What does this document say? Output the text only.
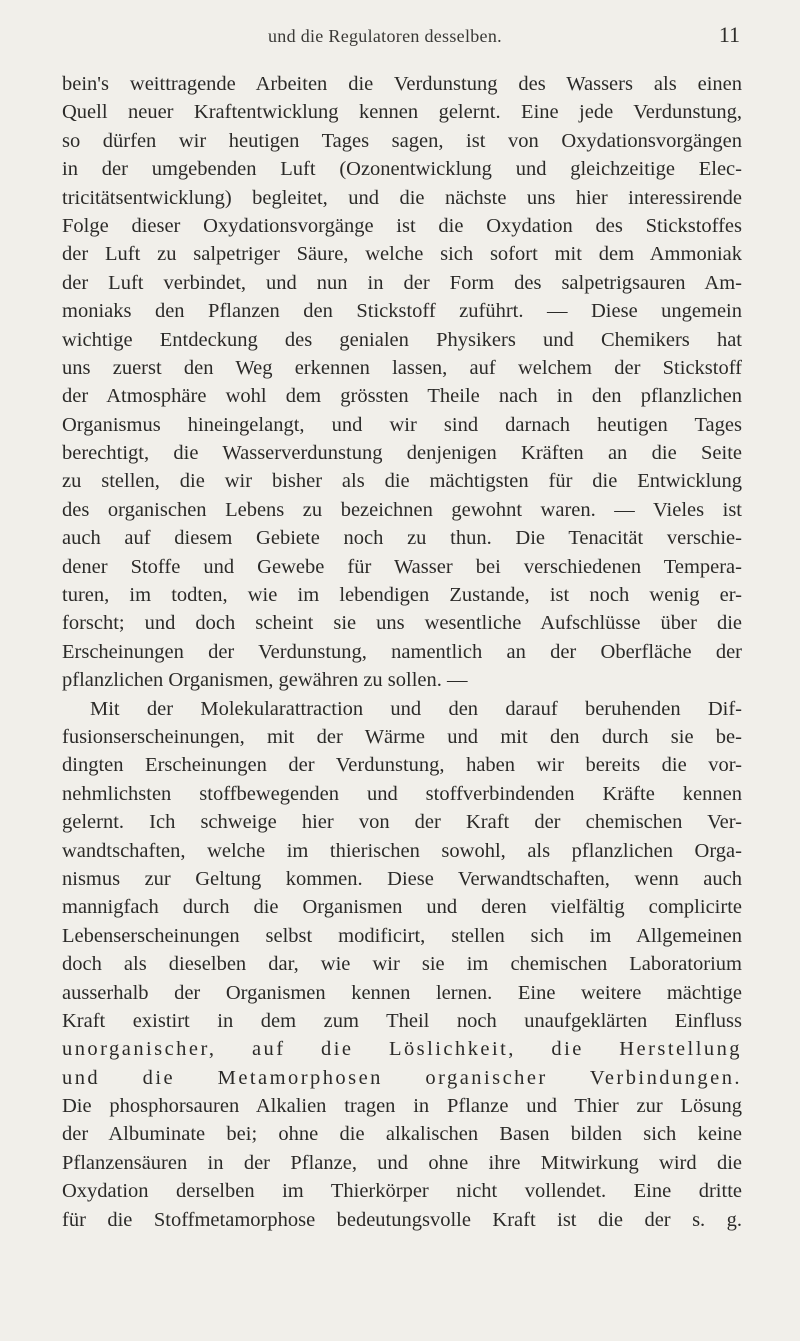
und die Regulatoren desselben.	11
bein's weittragende Arbeiten die Verdunstung des Wassers als einen
Quell neuer Kraftentwicklung kennen gelernt. Eine jede Verdunstung,
so dürfen wir heutigen Tages sagen, ist von Oxydationsvorgängen
in der umgebenden Luft (Ozonentwicklung und gleichzeitige Elec-
tricitätsentwicklung) begleitet, und die nächste uns hier interessirende
Folge dieser Oxydationsvorgänge ist die Oxydation des Stickstoffes
der Luft zu salpetriger Säure, welche sich sofort mit dem Ammoniak
der Luft verbindet, und nun in der Form des salpetrigsauren Am-
moniaks den Pflanzen den Stickstoff zuführt. — Diese ungemein
wichtige Entdeckung des genialen Physikers und Chemikers hat
uns zuerst den Weg erkennen lassen, auf welchem der Stickstoff
der Atmosphäre wohl dem grössten Theile nach in den pflanzlichen
Organismus hineingelangt, und wir sind darnach heutigen Tages
berechtigt, die Wasserverdunstung denjenigen Kräften an die Seite
zu stellen, die wir bisher als die mächtigsten für die Entwicklung
des organischen Lebens zu bezeichnen gewohnt waren. — Vieles ist
auch auf diesem Gebiete noch zu thun. Die Tenacität verschie-
dener Stoffe und Gewebe für Wasser bei verschiedenen Tempera-
turen, im todten, wie im lebendigen Zustande, ist noch wenig er-
forscht; und doch scheint sie uns wesentliche Aufschlüsse über die
Erscheinungen der Verdunstung, namentlich an der Oberfläche der
pflanzlichen Organismen, gewähren zu sollen. —
Mit der Molekularattraction und den darauf beruhenden Dif-
fusionserscheinungen, mit der Wärme und mit den durch sie be-
dingten Erscheinungen der Verdunstung, haben wir bereits die vor-
nehmlichsten stoffbewegenden und stoffverbindenden Kräfte kennen
gelernt. Ich schweige hier von der Kraft der chemischen Ver-
wandtschaften, welche im thierischen sowohl, als pflanzlichen Orga-
nismus zur Geltung kommen. Diese Verwandtschaften, wenn auch
mannigfach durch die Organismen und deren vielfältig complicirte
Lebenserscheinungen selbst modificirt, stellen sich im Allgemeinen
doch als dieselben dar, wie wir sie im chemischen Laboratorium
ausserhalb der Organismen kennen lernen. Eine weitere mächtige
Kraft existirt in dem zum Theil noch unaufgeklärten Einfluss
unorganischer, auf die Löslichkeit, die Herstellung
und die Metamorphosen organischer Verbindungen.
Die phosphorsauren Alkalien tragen in Pflanze und Thier zur Lösung
der Albuminate bei; ohne die alkalischen Basen bilden sich keine
Pflanzensäuren in der Pflanze, und ohne ihre Mitwirkung wird die
Oxydation derselben im Thierkörper nicht vollendet. Eine dritte
für die Stoffmetamorphose bedeutungsvolle Kraft ist die der s. g.
